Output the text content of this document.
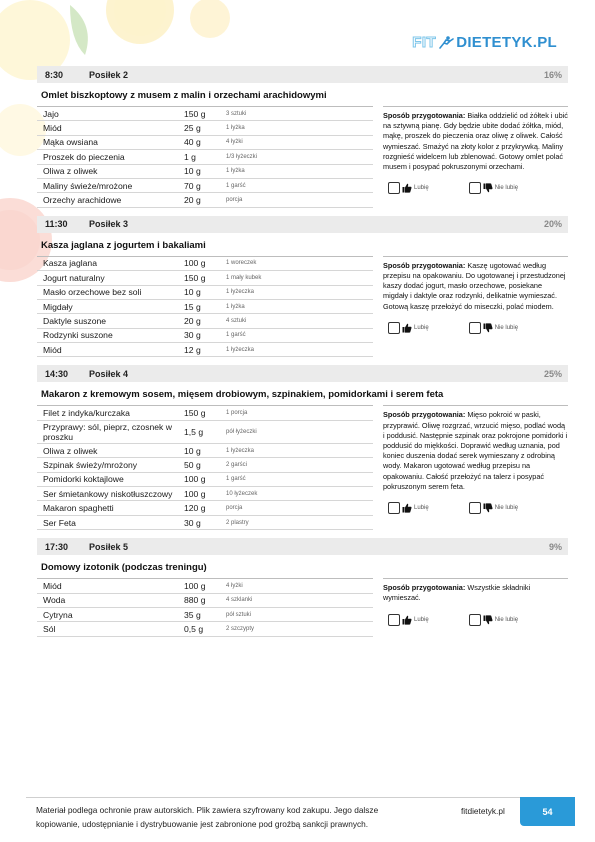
FIT DIETETYK.PL
8:30	Posiłek 2	16%
Omlet biszkoptowy z musem z malin i orzechami arachidowymi
Jajo	150 g	3 sztuki
Miód	25 g	1 łyżka
Mąka owsiana	40 g	4 łyżki
Proszek do pieczenia	1 g	1/3 łyżeczki
Oliwa z oliwek	10 g	1 łyżka
Maliny świeże/mrożone	70 g	1 garść
Orzechy arachidowe	20 g	porcja
Sposób przygotowania: Białka oddzielić od żółtek i ubić na sztywną pianę. Gdy będzie ubite dodać żółtka, miód, mąkę, proszek do pieczenia oraz oliwę z oliwek. Całość wymieszać. Smażyć na złoty kolor z przykrywką. Maliny rozgnieść widelcem lub zblenować. Gotowy omlet polać musem i posypać pokruszonymi orzechami.
Lubię	Nie lubię
11:30	Posiłek 3	20%
Kasza jaglana z jogurtem i bakaliami
Kasza jaglana	100 g	1 woreczek
Jogurt naturalny	150 g	1 mały kubek
Masło orzechowe bez soli	10 g	1 łyżeczka
Migdały	15 g	1 łyżka
Daktyle suszone	20 g	4 sztuki
Rodzynki suszone	30 g	1 garść
Miód	12 g	1 łyżeczka
Sposób przygotowania: Kaszę ugotować według przepisu na opakowaniu. Do ugotowanej i przestudzonej kaszy dodać jogurt, masło orzechowe, posiekane migdały i daktyle oraz rodzynki, delikatnie wymieszać. Gotową kaszę przełożyć do miseczki, polać miodem.
Lubię	Nie lubię
14:30	Posiłek 4	25%
Makaron z kremowym sosem, mięsem drobiowym, szpinakiem, pomidorkami i serem feta
Filet z indyka/kurczaka	150 g	1 porcja
Przyprawy: sól, pieprz, czosnek w proszku	1,5 g	pół łyżeczki
Oliwa z oliwek	10 g	1 łyżeczka
Szpinak świeży/mrożony	50 g	2 garści
Pomidorki koktajlowe	100 g	1 garść
Ser śmietankowy niskotłuszczowy	100 g	10 łyżeczek
Makaron spaghetti	120 g	porcja
Ser Feta	30 g	2 plastry
Sposób przygotowania: Mięso pokroić w paski, przyprawić. Oliwę rozgrzać, wrzucić mięso, podlać wodą i poddusić. Następnie szpinak oraz pokrojone pomidorki i poddusić do miękkości. Doprawić według uznania, pod koniec duszenia dodać serek wymieszany z odrobiną wody. Makaron ugotować według przepisu na opakowaniu. Całość przełożyć na talerz i posypać pokruszonym serem feta.
Lubię	Nie lubię
17:30	Posiłek 5	9%
Domowy izotonik (podczas treningu)
Miód	100 g	4 łyżki
Woda	880 g	4 szklanki
Cytryna	35 g	pół sztuki
Sól	0,5 g	2 szczypty
Sposób przygotowania: Wszystkie składniki wymieszać.
Lubię	Nie lubię
Materiał podlega ochronie praw autorskich. Plik zawiera szyfrowany kod zakupu. Jego dalsze kopiowanie, udostępnianie i dystrybuowanie jest zabronione pod groźbą sankcji prawnych.
fitdietetyk.pl	54
